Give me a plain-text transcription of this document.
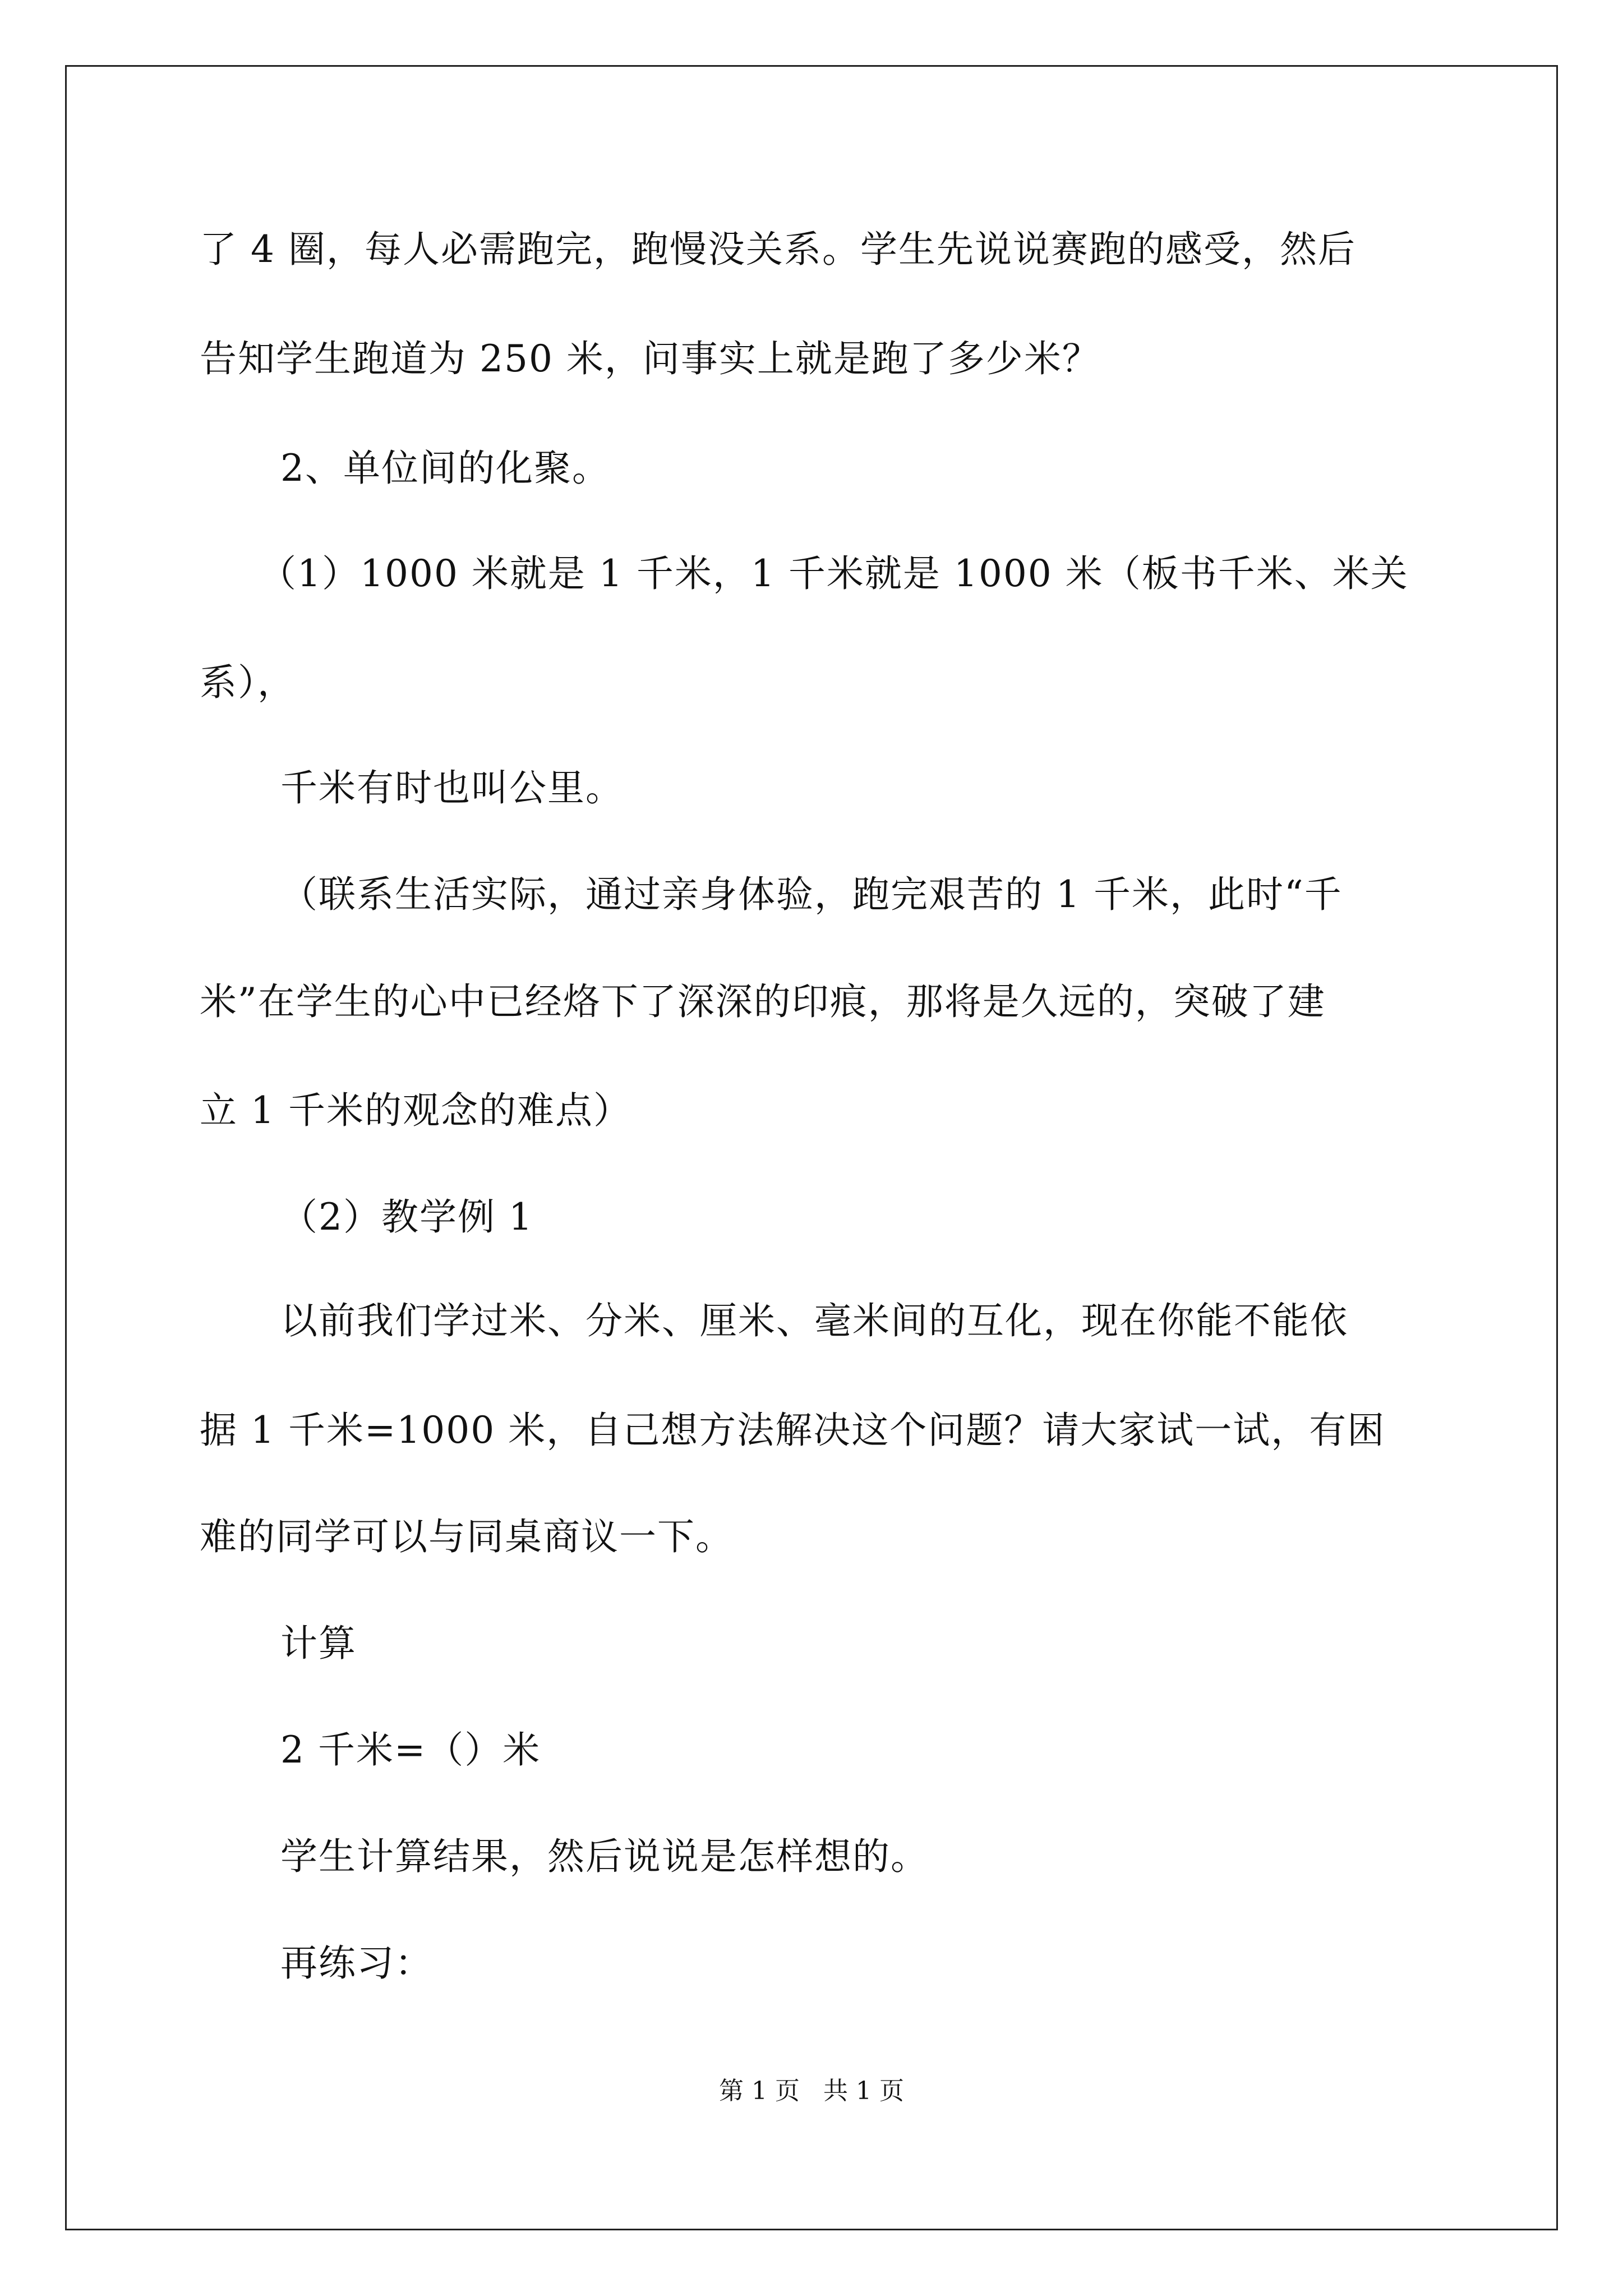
了 4 圈，每人必需跑完，跑慢没关系。学生先说说赛跑的感受，然后
告知学生跑道为 250 米，问事实上就是跑了多少米？
2、单位间的化聚。
（1）1000 米就是 1 千米，1 千米就是 1000 米（板书千米、米关
系），
千米有时也叫公里。
（联系生活实际，通过亲身体验，跑完艰苦的 1 千米，此时“千
米”在学生的心中已经烙下了深深的印痕，那将是久远的，突破了建
立 1 千米的观念的难点）
（2）教学例 1
以前我们学过米、分米、厘米、毫米间的互化，现在你能不能依
据 1 千米=1000 米，自己想方法解决这个问题？请大家试一试，有困
难的同学可以与同桌商议一下。
计算
2 千米=（）米
学生计算结果，然后说说是怎样想的。
再练习：
第 1 页   共 1 页
